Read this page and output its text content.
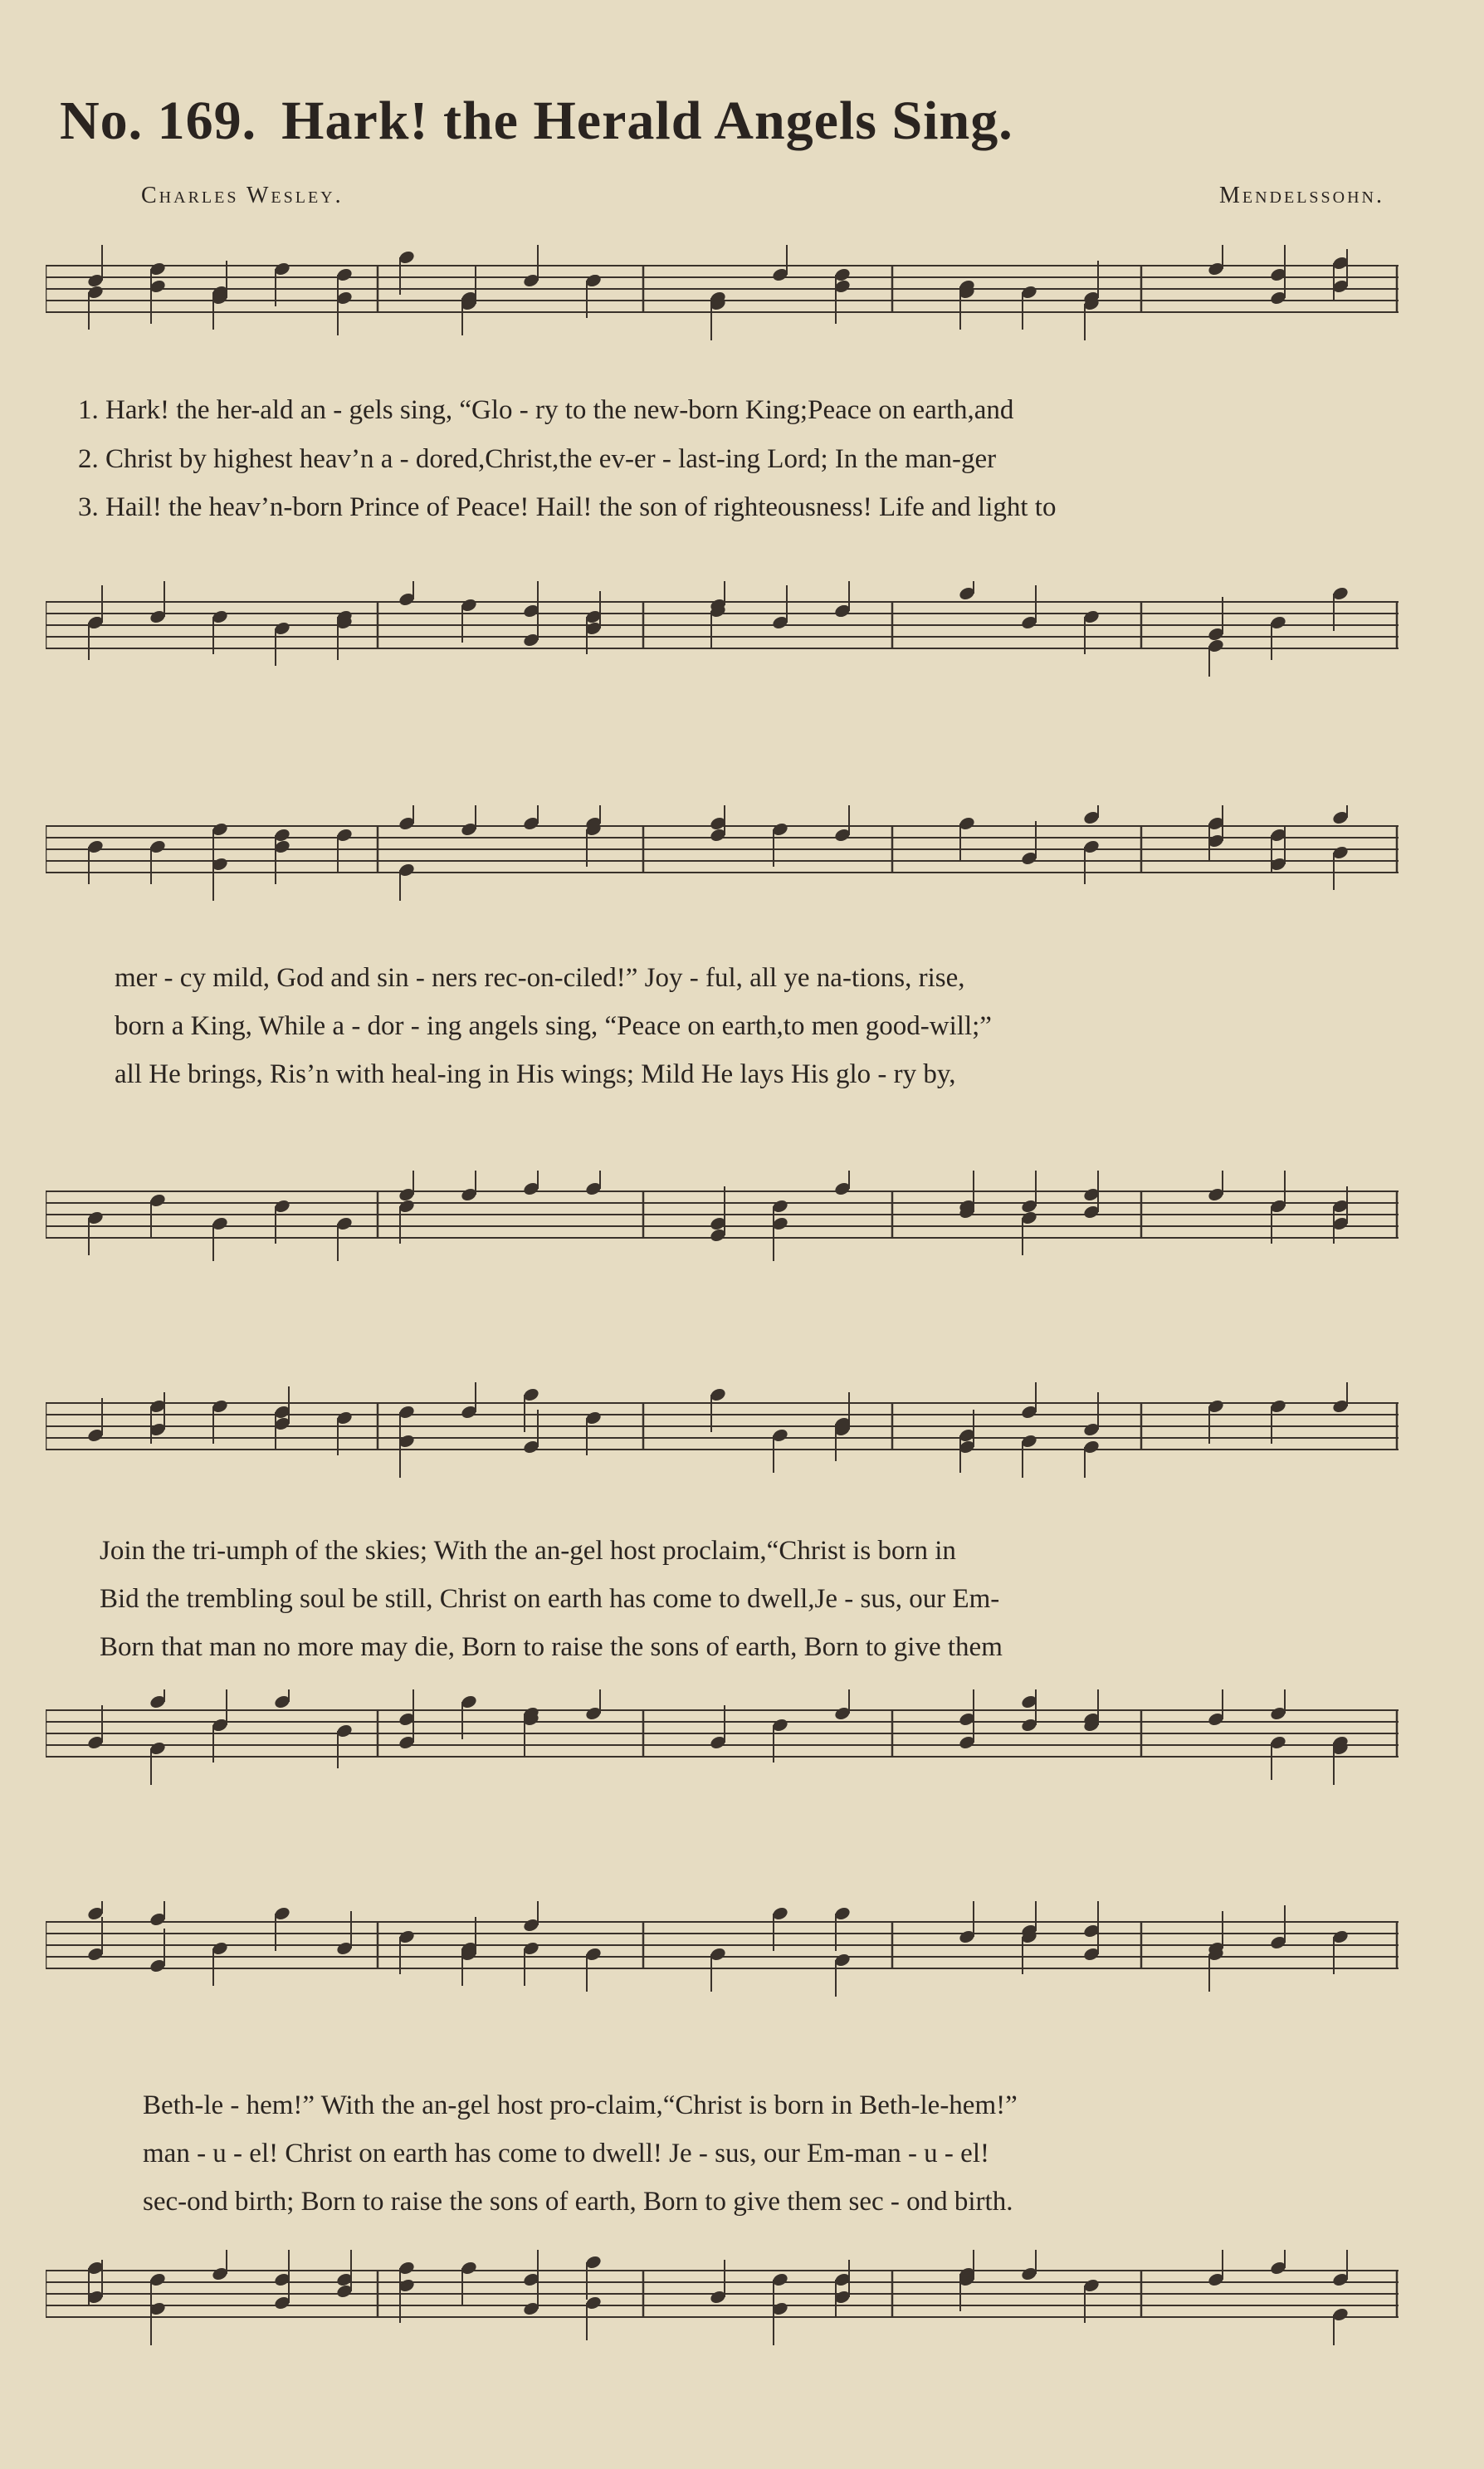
No. 169. Hark! the Herald Angels Sing.
Charles Wesley.	Mendelssohn.
1. Hark! the her-ald an - gels sing, “Glo - ry to the new-born King;Peace on earth,and
2. Christ by highest heav’n a - dored,Christ,the ev-er - last-ing Lord; In the man-ger
3. Hail! the heav’n-born Prince of Peace! Hail! the son of righteousness! Life and light to
mer - cy mild, God and sin - ners rec-on-ciled!” Joy - ful, all ye na-tions, rise,
born a King, While a - dor - ing angels sing, “Peace on earth,to men good-will;”
all He brings, Ris’n with heal-ing in His wings; Mild He lays His glo - ry by,
Join the tri-umph of the skies; With the an-gel host proclaim,“Christ is born in
Bid the trembling soul be still, Christ on earth has come to dwell,Je - sus, our Em-
Born that man no more may die, Born to raise the sons of earth, Born to give them
Beth-le - hem!” With the an-gel host pro-claim,“Christ is born in Beth-le-hem!”
man - u - el! Christ on earth has come to dwell! Je - sus, our Em-man - u - el!
sec-ond birth; Born to raise the sons of earth, Born to give them sec - ond birth.
